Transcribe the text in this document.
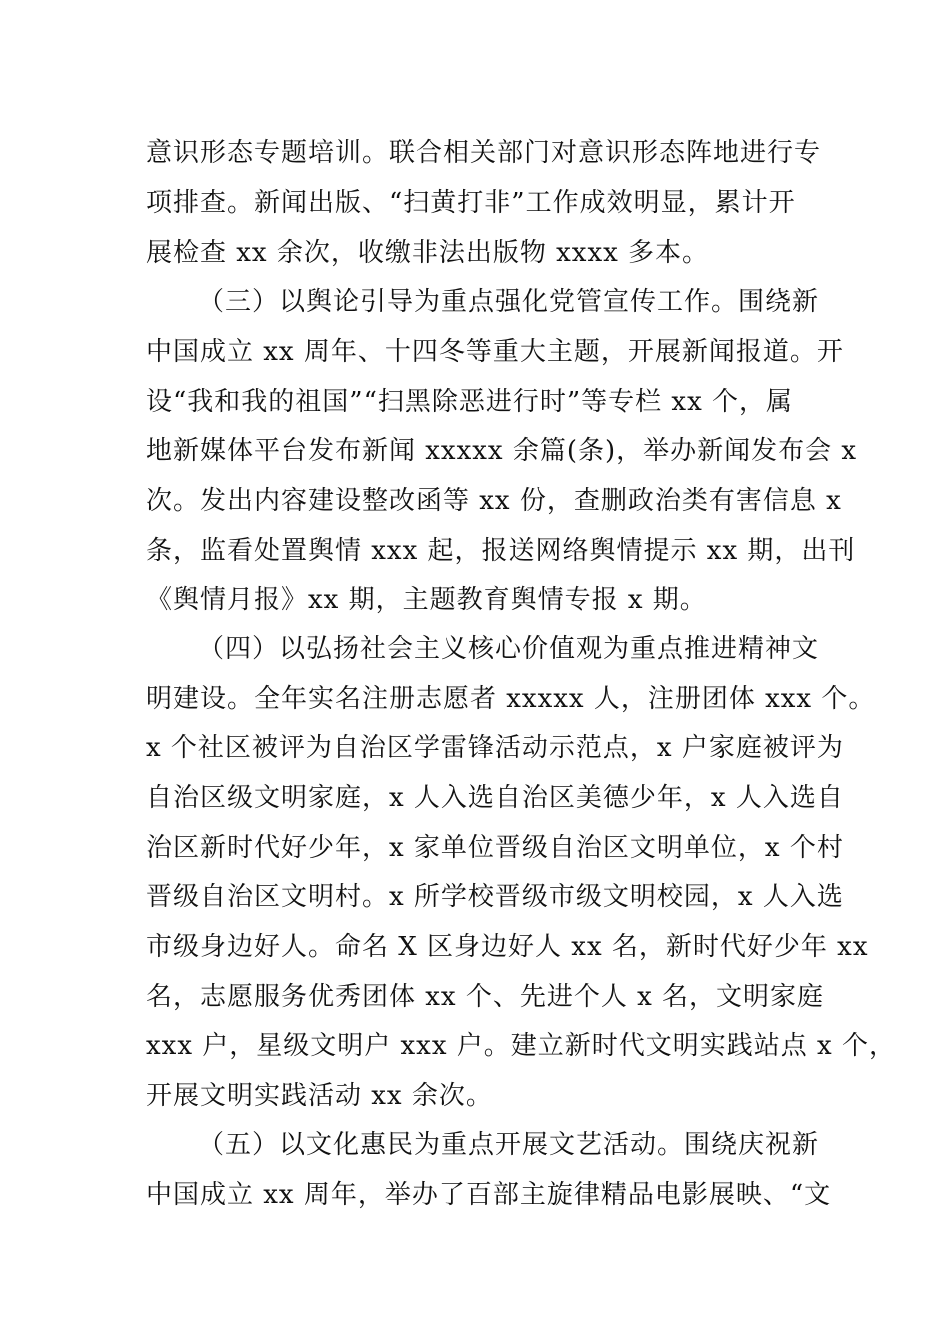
意识形态专题培训。联合相关部门对意识形态阵地进行专
项排查。新闻出版、“扫黄打非”工作成效明显，累计开
展检查 xx 余次，收缴非法出版物 xxxx 多本。
（三）以舆论引导为重点强化党管宣传工作。围绕新
中国成立 xx 周年、十四冬等重大主题，开展新闻报道。开
设“我和我的祖国”“扫黑除恶进行时”等专栏 xx 个，属
地新媒体平台发布新闻 xxxxx 余篇(条)，举办新闻发布会 x
次。发出内容建设整改函等 xx 份，查删政治类有害信息 x
条，监看处置舆情 xxx 起，报送网络舆情提示 xx 期，出刊
《舆情月报》xx 期，主题教育舆情专报 x 期。
（四）以弘扬社会主义核心价值观为重点推进精神文
明建设。全年实名注册志愿者 xxxxx 人，注册团体 xxx 个。
x 个社区被评为自治区学雷锋活动示范点，x 户家庭被评为
自治区级文明家庭，x 人入选自治区美德少年，x 人入选自
治区新时代好少年，x 家单位晋级自治区文明单位，x 个村
晋级自治区文明村。x 所学校晋级市级文明校园，x 人入选
市级身边好人。命名 X 区身边好人 xx 名，新时代好少年 xx
名，志愿服务优秀团体 xx 个、先进个人 x 名，文明家庭
xxx 户，星级文明户 xxx 户。建立新时代文明实践站点 x 个，
开展文明实践活动 xx 余次。
（五）以文化惠民为重点开展文艺活动。围绕庆祝新
中国成立 xx 周年，举办了百部主旋律精品电影展映、“文
